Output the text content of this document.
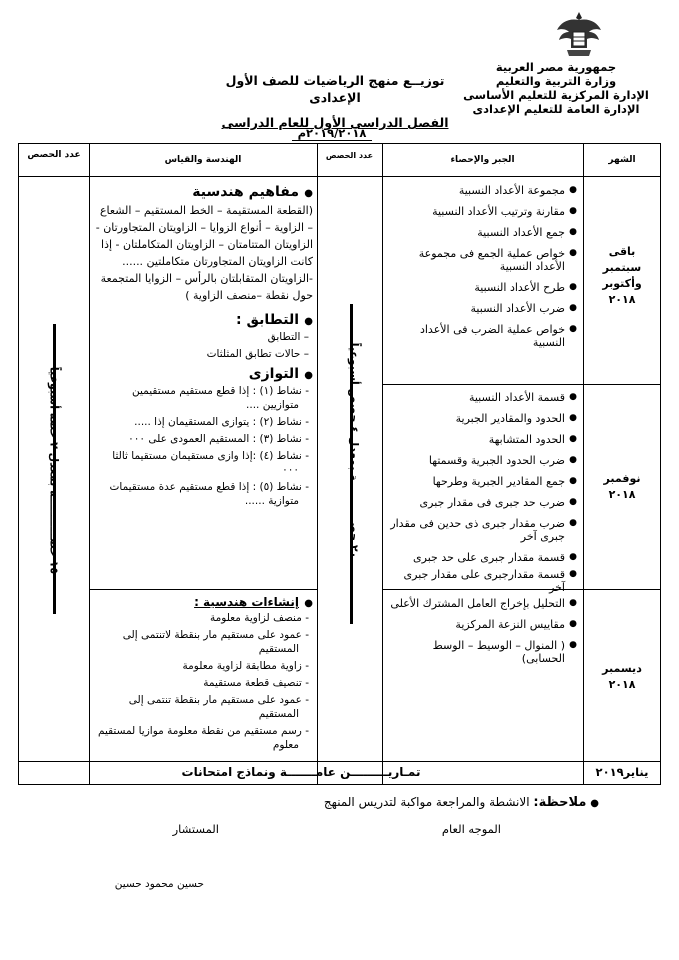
جمهورية مصر العربية
وزارة التربية والتعليم
الإدارة المركزية للتعليم الأساسى
الإدارة العامة للتعليم الإعدادى
توزيــع منهج الرياضيات للصف الأول الإعدادى
الفصل الدراسى الأول للعام الدراسى
٢٠١٩/٢٠١٨م
الشهر
الجبر والإحصاء
عدد الحصص
الهندسة والقياس
عدد الحصص
باقى
سبتمبر
وأكتوبر
٢٠١٨
نوفمبر
٢٠١٨
ديسمبر
٢٠١٨
● مجموعة الأعداد النسبية
● مقارنة وترتيب الأعداد النسبية
● جمع الأعداد النسبية
● خواص عملية الجمع فى مجموعة الأعداد النسبية
● طرح الأعداد النسبية
● ضرب الأعداد النسبية
● خواص عملية الضرب فى الأعداد النسبية
● قسمة الأعداد النسبية
● الحدود والمقادير الجبرية
● الحدود المتشابهة
● ضرب الحدود الجبرية وقسمتها
● جمع المقادير الجبرية وطرحها
● ضرب حد جبرى فى مقدار جبرى
● ضرب مقدار جبرى ذى حدين فى مقدار جبرى آخر
● قسمة مقدار جبرى على حد جبرى
● قسمة مقدارجبرى على مقدار جبرى آخر
● التحليل بإخراج العامل المشترك الأعلى
● مقاييس النزعة المركزية
● ( المنوال – الوسيط – الوسط الحسابى)
٢٠ حصـــــــــــة بمعدل ٤ حصص أسبوعياً
١٥ حصـــــــــــة بمعدل ٢ حصة أسبوعياً
●مفاهيم هندسية
(القطعة المستقيمة – الخط المستقيم – الشعاع – الزاوية – أنواع الزوايا – الزاويتان المتجاورتان - الزاويتان المتتامتان – الزاويتان المتكاملتان - إذا كانت الزاويتان المتجاورتان متكاملتين ...... -الزاويتان المتقابلتان بالرأس – الزوايا المتجمعة حول نقطة –منصف الزاوية )
●التطابق :
– التطابق
– حالات تطابق المثلثات
●التوازى
- نشاط (١) : إذا قطع مستقيم مستقيمين متوازيين ....
- نشاط (٢) : يتوازى المستقيمان إذا .....
- نشاط (٣) : المستقيم العمودى على ٠٠٠
- نشاط (٤) :إذا وازى مستقيمان مستقيما ثالثا ٠٠٠
- نشاط (٥) : إذا قطع مستقيم عدة مستقيمات متوازية ......
●إنشاءات هندسية :
- منصف لزاوية معلومة
- عمود على مستقيم مار بنقطة لاتنتمى إلى المستقيم
- زاوية مطابقة لزاوية معلومة
- تنصيف قطعة مستقيمة
- عمود على مستقيم مار بنقطة تنتمى إلى المستقيم
- رسم مستقيم من نقطة معلومة موازيا لمستقيم معلوم
يناير٢٠١٩
تمـاريـــــــــن عامـــــــة ونماذج امتحانات
● ملاحظة: الانشطة والمراجعة مواكبة لتدريس المنهج
الموجه العام
المستشار
حسين محمود حسين
